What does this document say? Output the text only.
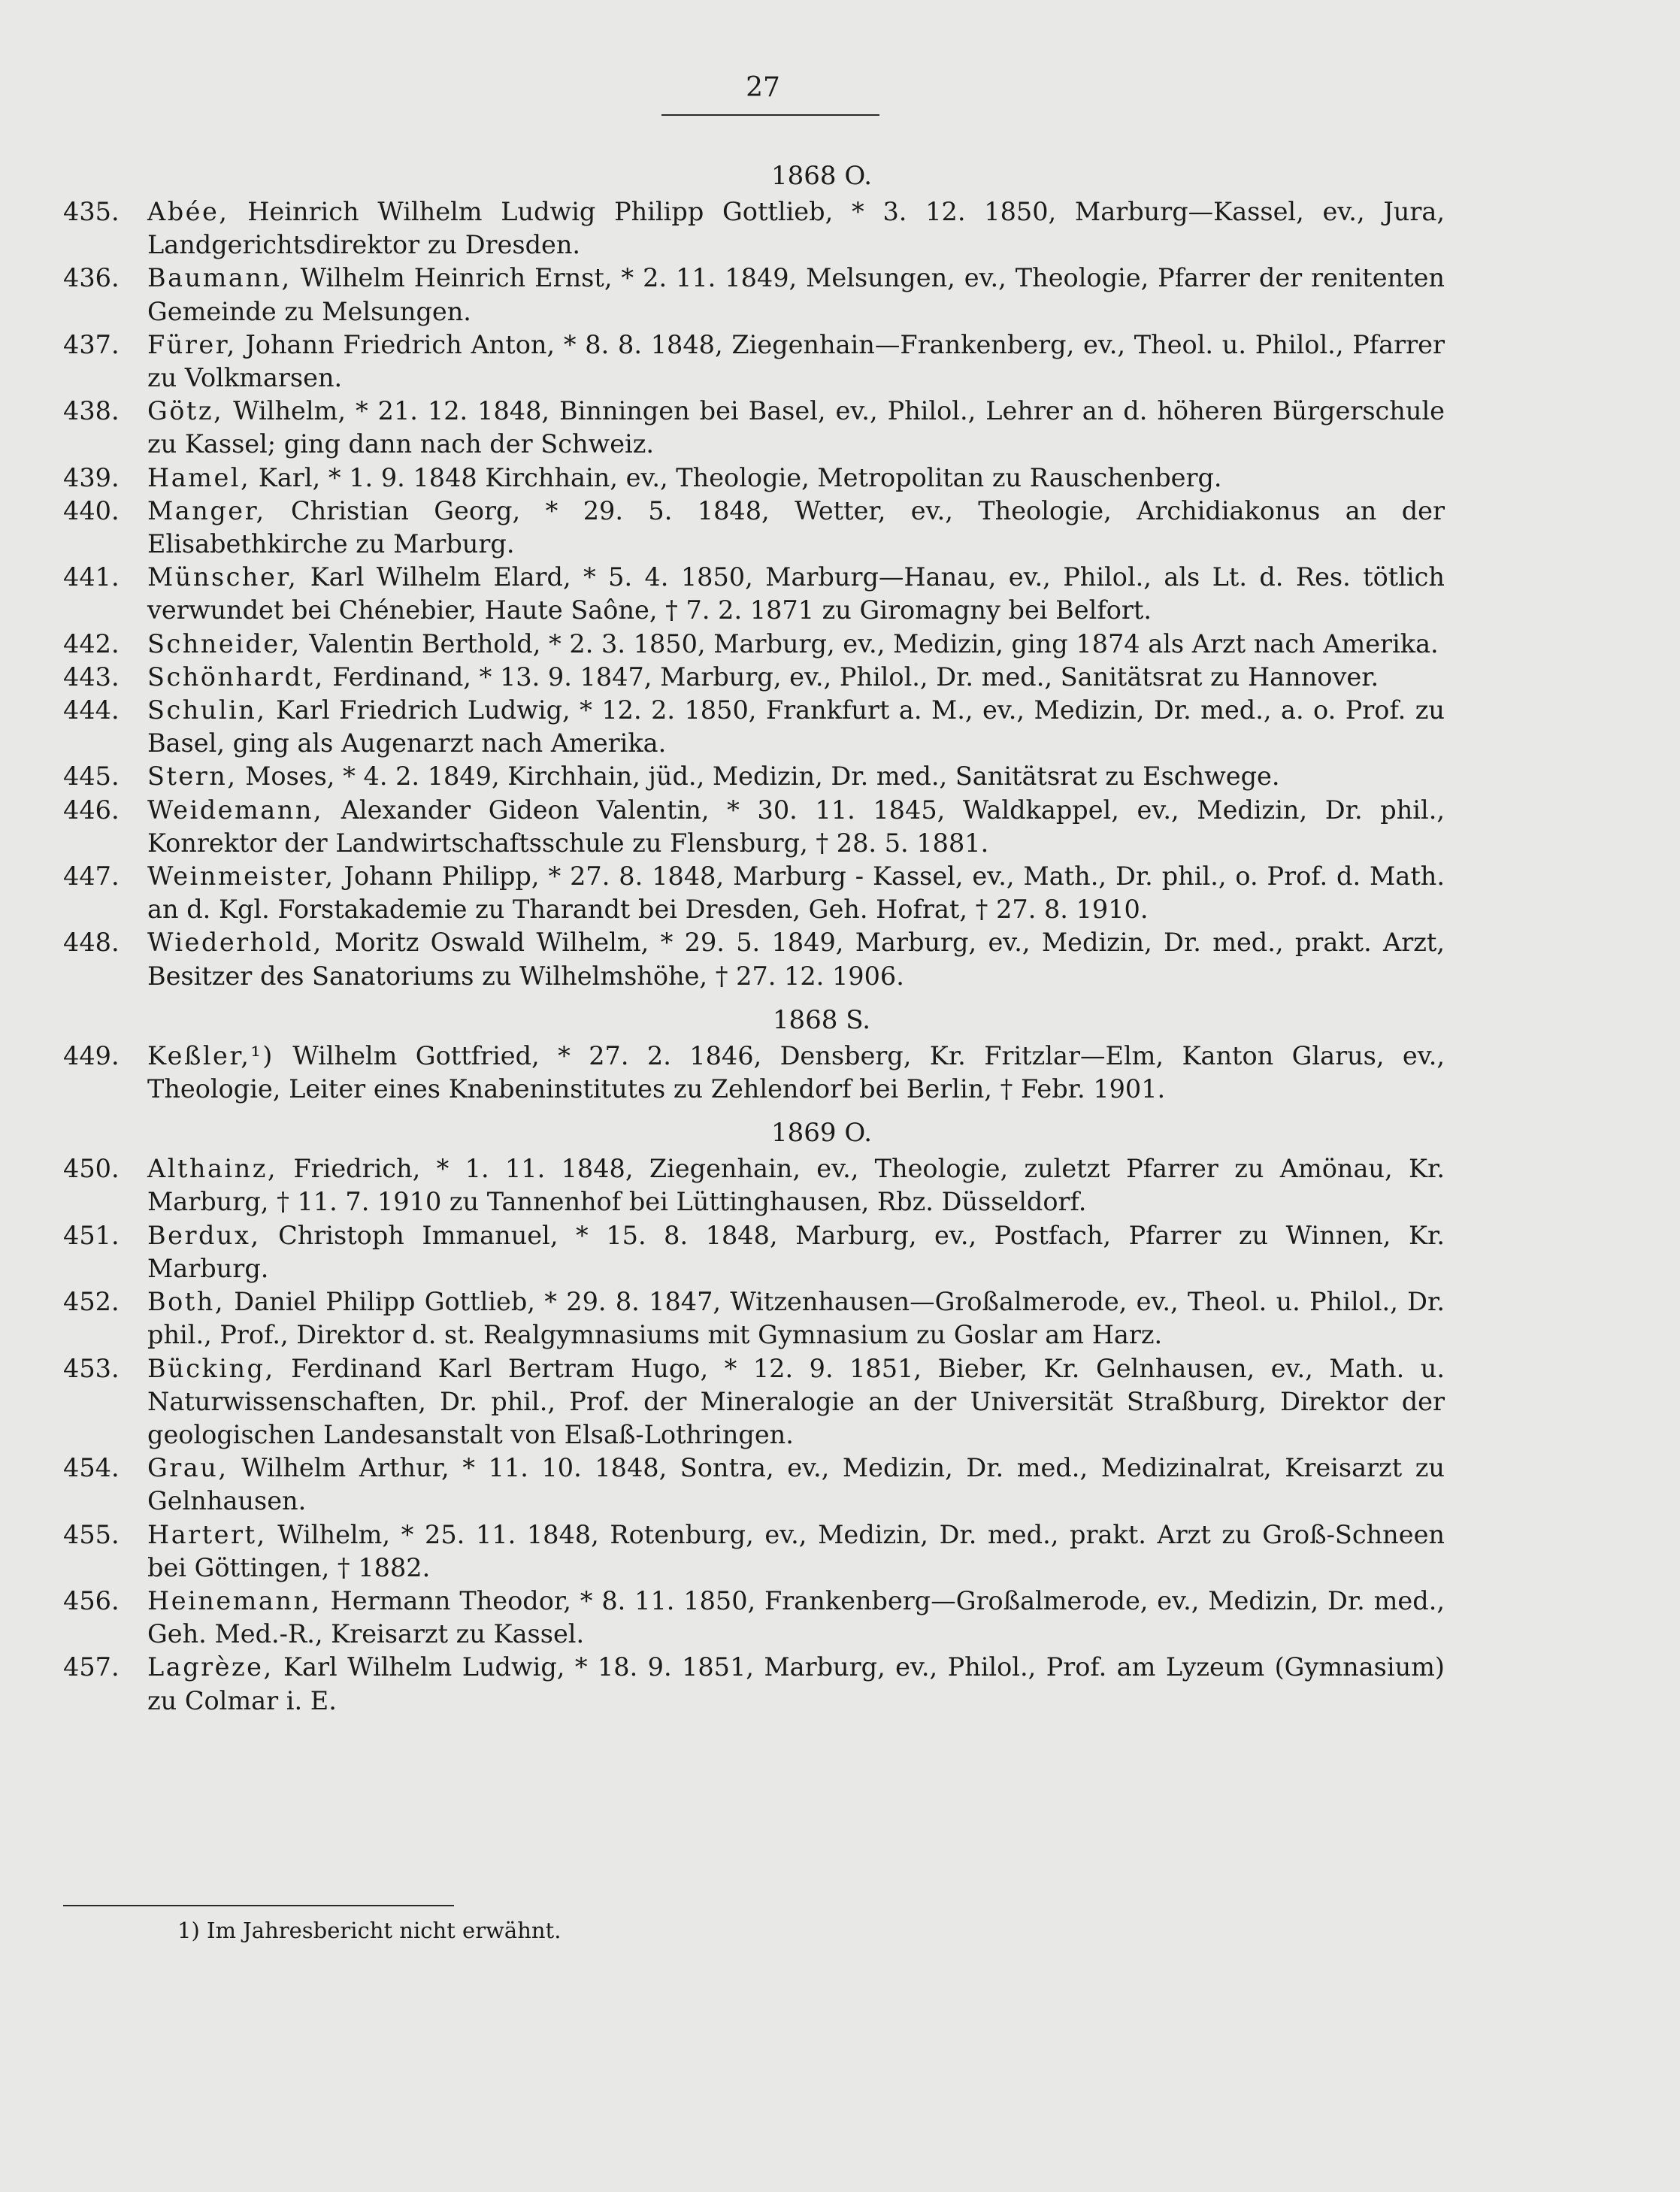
27
1868 O.
435.	Abée, Heinrich Wilhelm Ludwig Philipp Gottlieb, * 3. 12. 1850, Marburg—Kassel, ev., Jura, Landgerichtsdirektor zu Dresden.
436.	Baumann, Wilhelm Heinrich Ernst, * 2. 11. 1849, Melsungen, ev., Theologie, Pfarrer der renitenten Gemeinde zu Melsungen.
437.	Fürer, Johann Friedrich Anton, * 8. 8. 1848, Ziegenhain—Frankenberg, ev., Theol. u. Philol., Pfarrer zu Volkmarsen.
438.	Götz, Wilhelm, * 21. 12. 1848, Binningen bei Basel, ev., Philol., Lehrer an d. höheren Bürgerschule zu Kassel; ging dann nach der Schweiz.
439.	Hamel, Karl, * 1. 9. 1848 Kirchhain, ev., Theologie, Metropolitan zu Rauschenberg.
440.	Manger, Christian Georg, * 29. 5. 1848, Wetter, ev., Theologie, Archidiakonus an der Elisabethkirche zu Marburg.
441.	Münscher, Karl Wilhelm Elard, * 5. 4. 1850, Marburg—Hanau, ev., Philol., als Lt. d. Res. tötlich verwundet bei Chénebier, Haute Saône, † 7. 2. 1871 zu Giromagny bei Belfort.
442.	Schneider, Valentin Berthold, * 2. 3. 1850, Marburg, ev., Medizin, ging 1874 als Arzt nach Amerika.
443.	Schönhardt, Ferdinand, * 13. 9. 1847, Marburg, ev., Philol., Dr. med., Sanitätsrat zu Hannover.
444.	Schulin, Karl Friedrich Ludwig, * 12. 2. 1850, Frankfurt a. M., ev., Medizin, Dr. med., a. o. Prof. zu Basel, ging als Augenarzt nach Amerika.
445.	Stern, Moses, * 4. 2. 1849, Kirchhain, jüd., Medizin, Dr. med., Sanitätsrat zu Eschwege.
446.	Weidemann, Alexander Gideon Valentin, * 30. 11. 1845, Waldkappel, ev., Medizin, Dr. phil., Konrektor der Landwirtschaftsschule zu Flensburg, † 28. 5. 1881.
447.	Weinmeister, Johann Philipp, * 27. 8. 1848, Marburg - Kassel, ev., Math., Dr. phil., o. Prof. d. Math. an d. Kgl. Forstakademie zu Tharandt bei Dresden, Geh. Hofrat, † 27. 8. 1910.
448.	Wiederhold, Moritz Oswald Wilhelm, * 29. 5. 1849, Marburg, ev., Medizin, Dr. med., prakt. Arzt, Besitzer des Sanatoriums zu Wilhelmshöhe, † 27. 12. 1906.
1868 S.
449.	Keßler,¹) Wilhelm Gottfried, * 27. 2. 1846, Densberg, Kr. Fritzlar—Elm, Kanton Glarus, ev., Theologie, Leiter eines Knabeninstitutes zu Zehlendorf bei Berlin, † Febr. 1901.
1869 O.
450.	Althainz, Friedrich, * 1. 11. 1848, Ziegenhain, ev., Theologie, zuletzt Pfarrer zu Amönau, Kr. Marburg, † 11. 7. 1910 zu Tannenhof bei Lüttinghausen, Rbz. Düsseldorf.
451.	Berdux, Christoph Immanuel, * 15. 8. 1848, Marburg, ev., Postfach, Pfarrer zu Winnen, Kr. Marburg.
452.	Both, Daniel Philipp Gottlieb, * 29. 8. 1847, Witzenhausen—Großalmerode, ev., Theol. u. Philol., Dr. phil., Prof., Direktor d. st. Realgymnasiums mit Gymnasium zu Goslar am Harz.
453.	Bücking, Ferdinand Karl Bertram Hugo, * 12. 9. 1851, Bieber, Kr. Gelnhausen, ev., Math. u. Naturwissenschaften, Dr. phil., Prof. der Mineralogie an der Universität Straßburg, Direktor der geologischen Landesanstalt von Elsaß-Lothringen.
454.	Grau, Wilhelm Arthur, * 11. 10. 1848, Sontra, ev., Medizin, Dr. med., Medizinalrat, Kreisarzt zu Gelnhausen.
455.	Hartert, Wilhelm, * 25. 11. 1848, Rotenburg, ev., Medizin, Dr. med., prakt. Arzt zu Groß-Schneen bei Göttingen, † 1882.
456.	Heinemann, Hermann Theodor, * 8. 11. 1850, Frankenberg—Großalmerode, ev., Medizin, Dr. med., Geh. Med.-R., Kreisarzt zu Kassel.
457.	Lagrèze, Karl Wilhelm Ludwig, * 18. 9. 1851, Marburg, ev., Philol., Prof. am Lyzeum (Gymnasium) zu Colmar i. E.
1) Im Jahresbericht nicht erwähnt.
